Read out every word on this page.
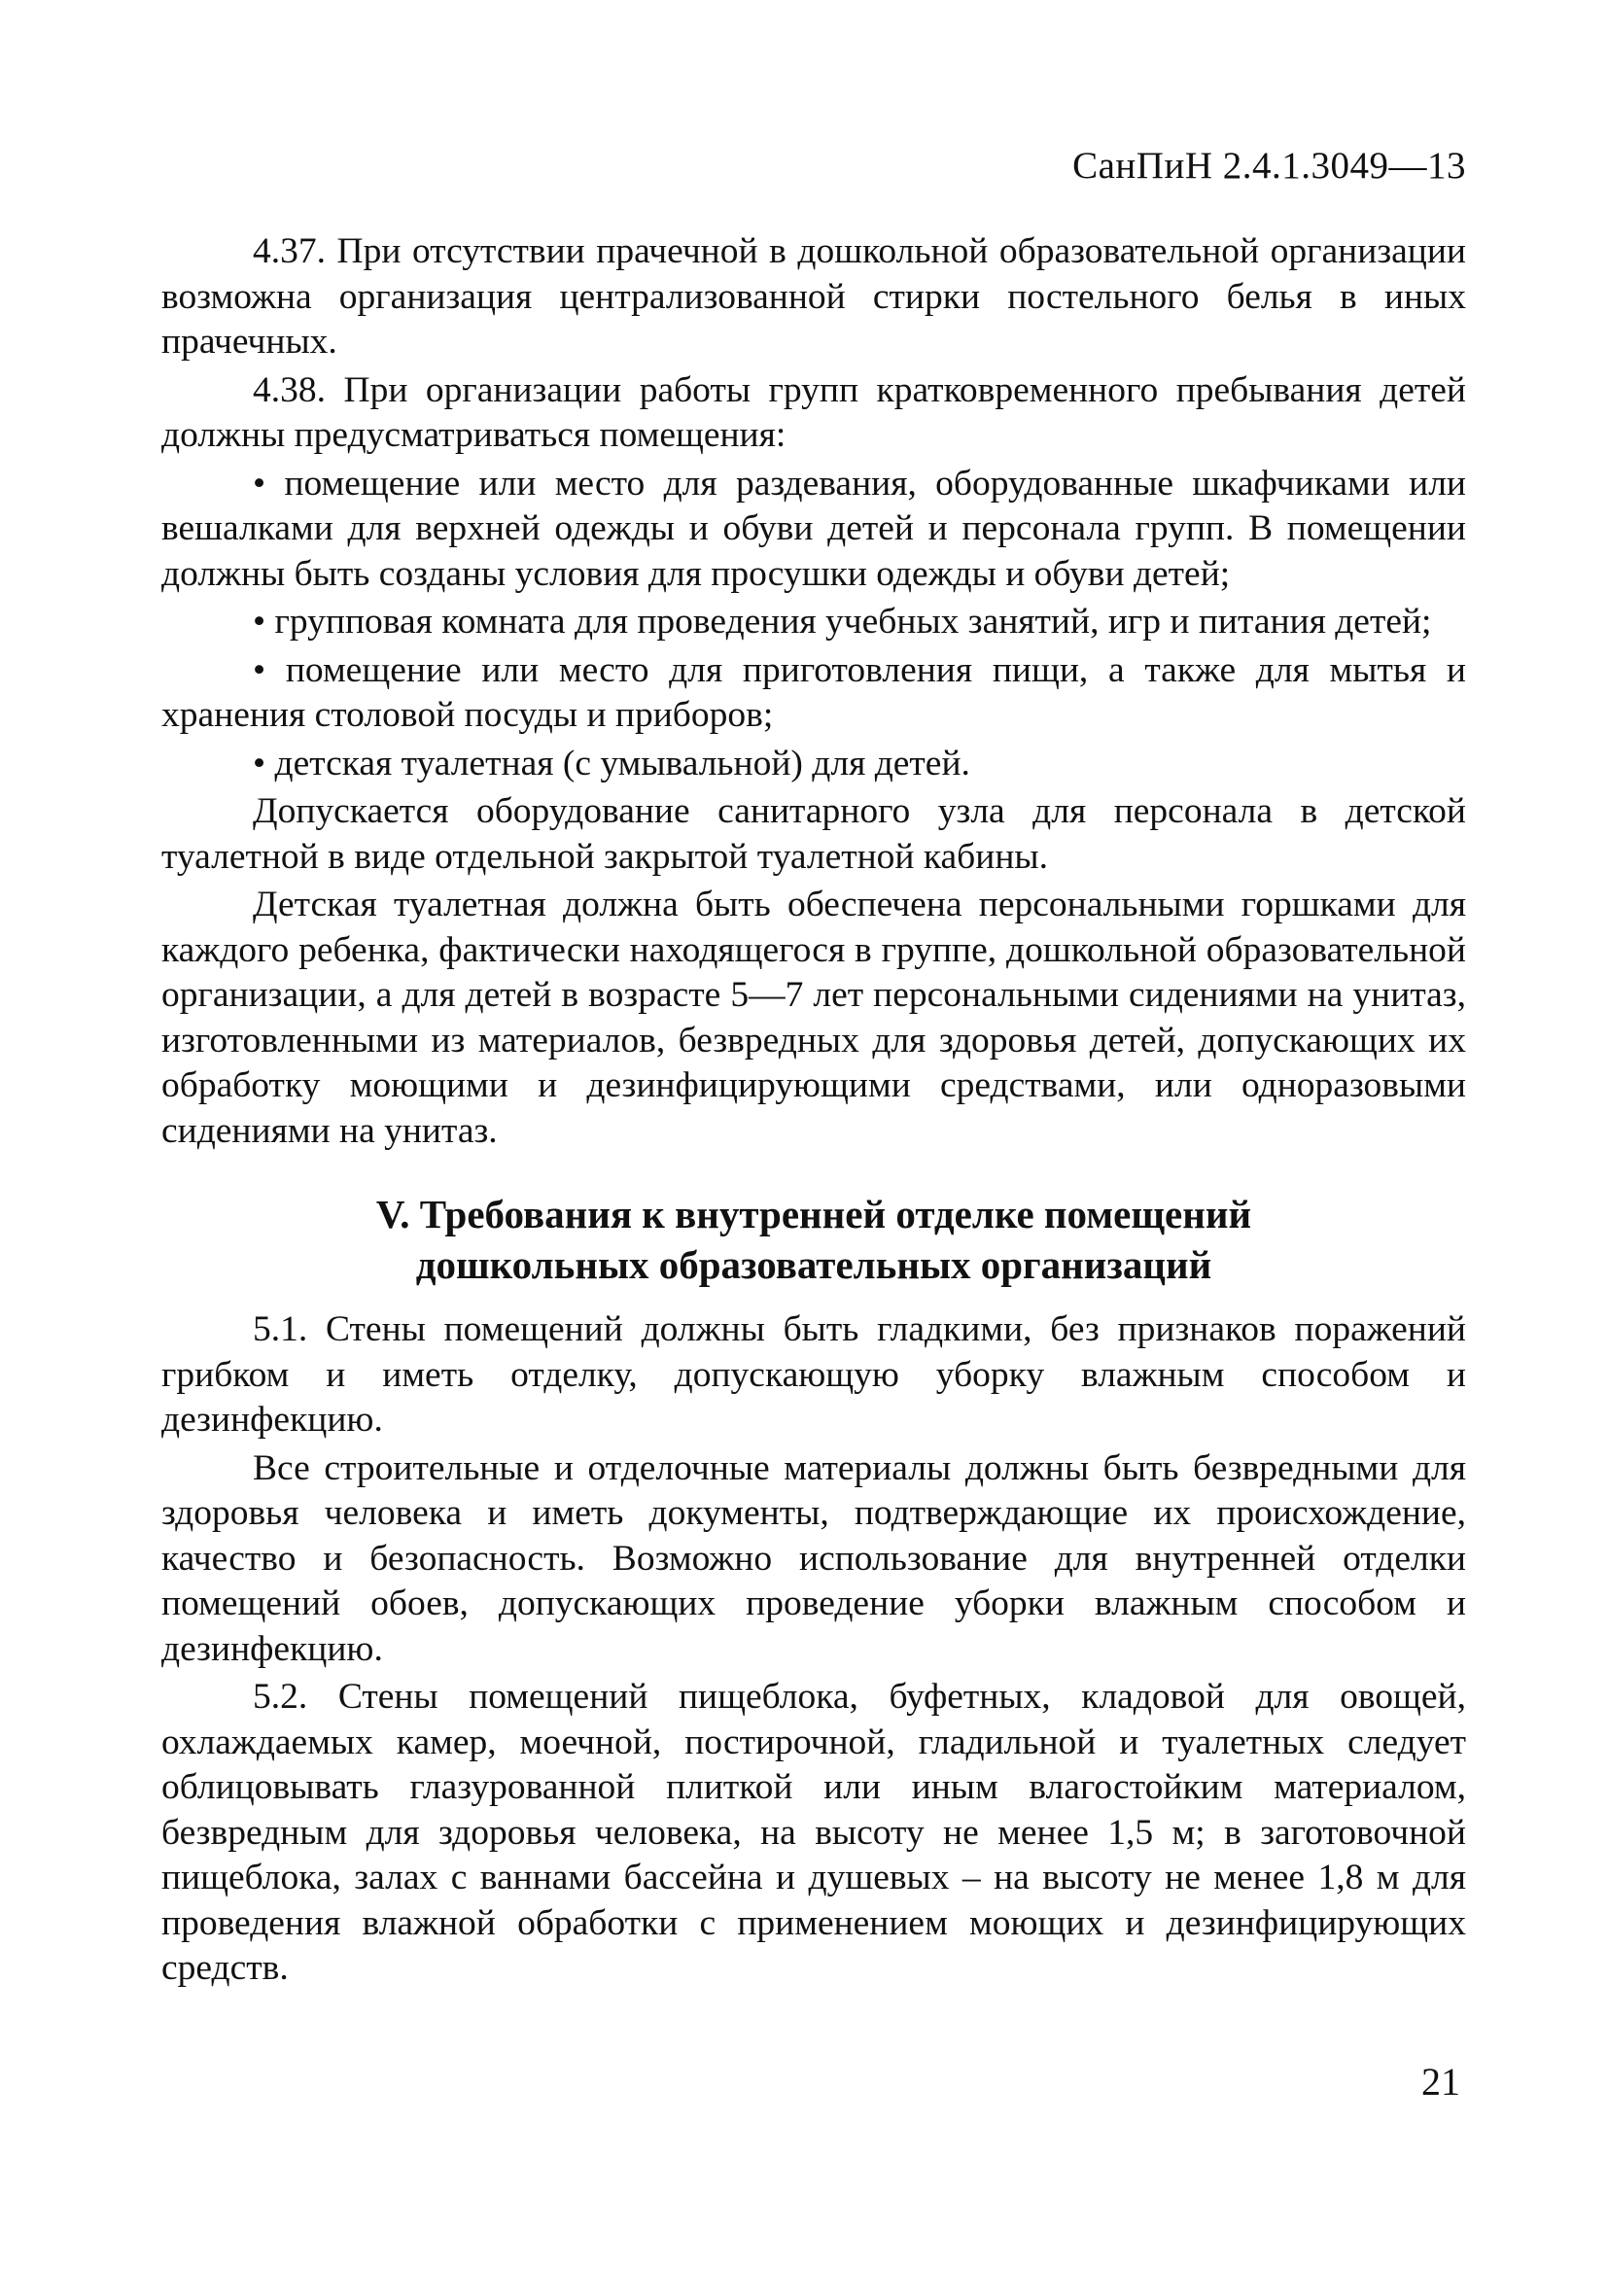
СанПиН 2.4.1.3049—13

4.37. При отсутствии прачечной в дошкольной образовательной организации возможна организация централизованной стирки постельного белья в иных прачечных.

4.38. При организации работы групп кратковременного пребывания детей должны предусматриваться помещения:

• помещение или место для раздевания, оборудованные шкафчиками или вешалками для верхней одежды и обуви детей и персонала групп. В помещении должны быть созданы условия для просушки одежды и обуви детей;

• групповая комната для проведения учебных занятий, игр и питания детей;

• помещение или место для приготовления пищи, а также для мытья и хранения столовой посуды и приборов;

• детская туалетная (с умывальной) для детей.

Допускается оборудование санитарного узла для персонала в детской туалетной в виде отдельной закрытой туалетной кабины.

Детская туалетная должна быть обеспечена персональными горшками для каждого ребенка, фактически находящегося в группе, дошкольной образовательной организации, а для детей в возрасте 5—7 лет персональными сидениями на унитаз, изготовленными из материалов, безвредных для здоровья детей, допускающих их обработку моющими и дезинфицирующими средствами, или одноразовыми сидениями на унитаз.

V. Требования к внутренней отделке помещений
дошкольных образовательных организаций

5.1. Стены помещений должны быть гладкими, без признаков поражений грибком и иметь отделку, допускающую уборку влажным способом и дезинфекцию.

Все строительные и отделочные материалы должны быть безвредными для здоровья человека и иметь документы, подтверждающие их происхождение, качество и безопасность. Возможно использование для внутренней отделки помещений обоев, допускающих проведение уборки влажным способом и дезинфекцию.

5.2. Стены помещений пищеблока, буфетных, кладовой для овощей, охлаждаемых камер, моечной, постирочной, гладильной и туалетных следует облицовывать глазурованной плиткой или иным влагостойким материалом, безвредным для здоровья человека, на высоту не менее 1,5 м; в заготовочной пищеблока, залах с ваннами бассейна и душевых – на высоту не менее 1,8 м для проведения влажной обработки с применением моющих и дезинфицирующих средств.

21
